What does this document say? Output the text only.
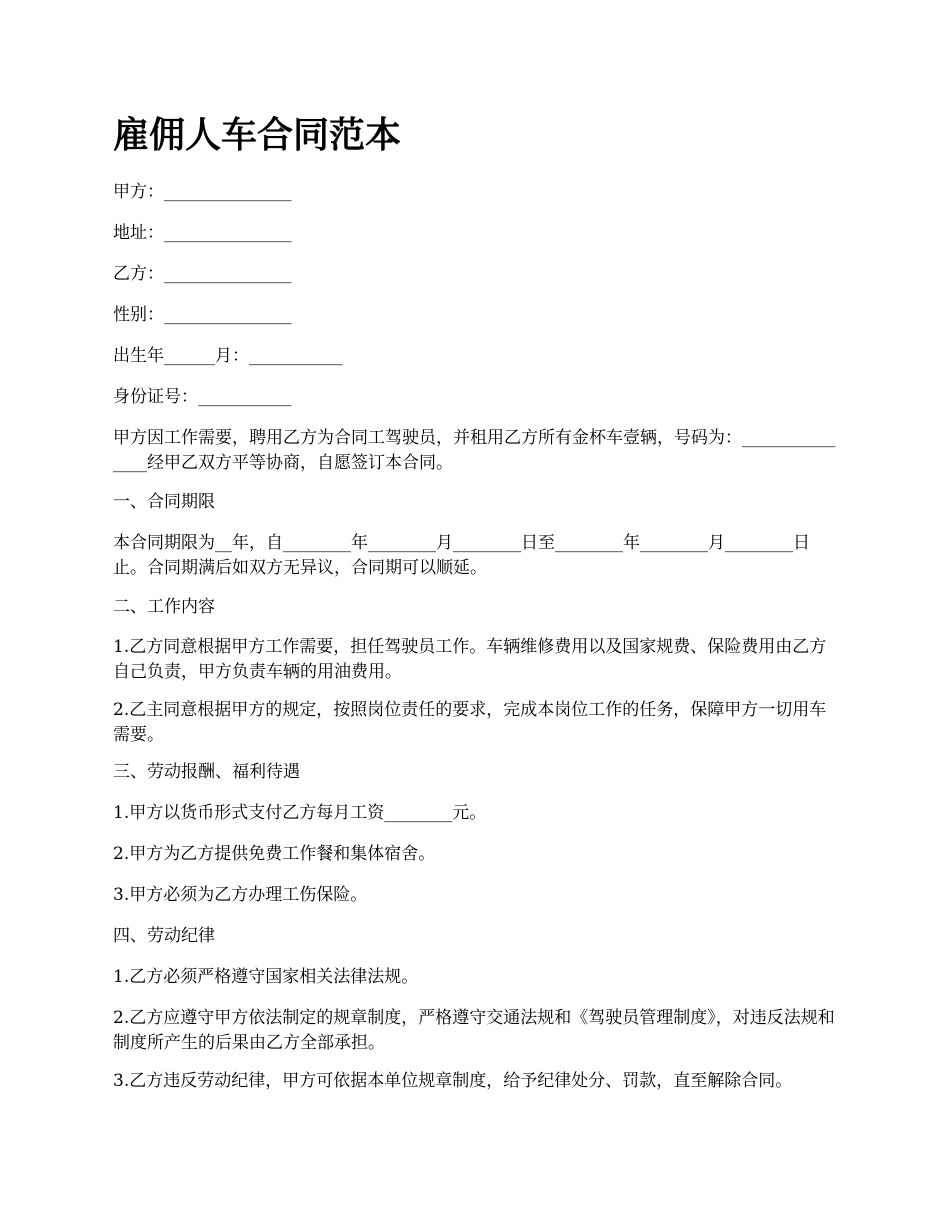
雇佣人车合同范本

甲方：_______________

地址：_______________

乙方：_______________

性别：_______________

出生年______月：___________

身份证号：___________

甲方因工作需要，聘用乙方为合同工驾驶员，并租用乙方所有金杯车壹辆，号码为：_______________经甲乙双方平等协商，自愿签订本合同。

一、合同期限

本合同期限为__年，自________年________月________日至________年________月________日止。合同期满后如双方无异议，合同期可以顺延。

二、工作内容

1.乙方同意根据甲方工作需要，担任驾驶员工作。车辆维修费用以及国家规费、保险费用由乙方自己负责，甲方负责车辆的用油费用。

2.乙主同意根据甲方的规定，按照岗位责任的要求，完成本岗位工作的任务，保障甲方一切用车需要。

三、劳动报酬、福利待遇

1.甲方以货币形式支付乙方每月工资________元。

2.甲方为乙方提供免费工作餐和集体宿舍。

3.甲方必须为乙方办理工伤保险。

四、劳动纪律

1.乙方必须严格遵守国家相关法律法规。

2.乙方应遵守甲方依法制定的规章制度，严格遵守交通法规和《驾驶员管理制度》，对违反法规和制度所产生的后果由乙方全部承担。

3.乙方违反劳动纪律，甲方可依据本单位规章制度，给予纪律处分、罚款，直至解除合同。
